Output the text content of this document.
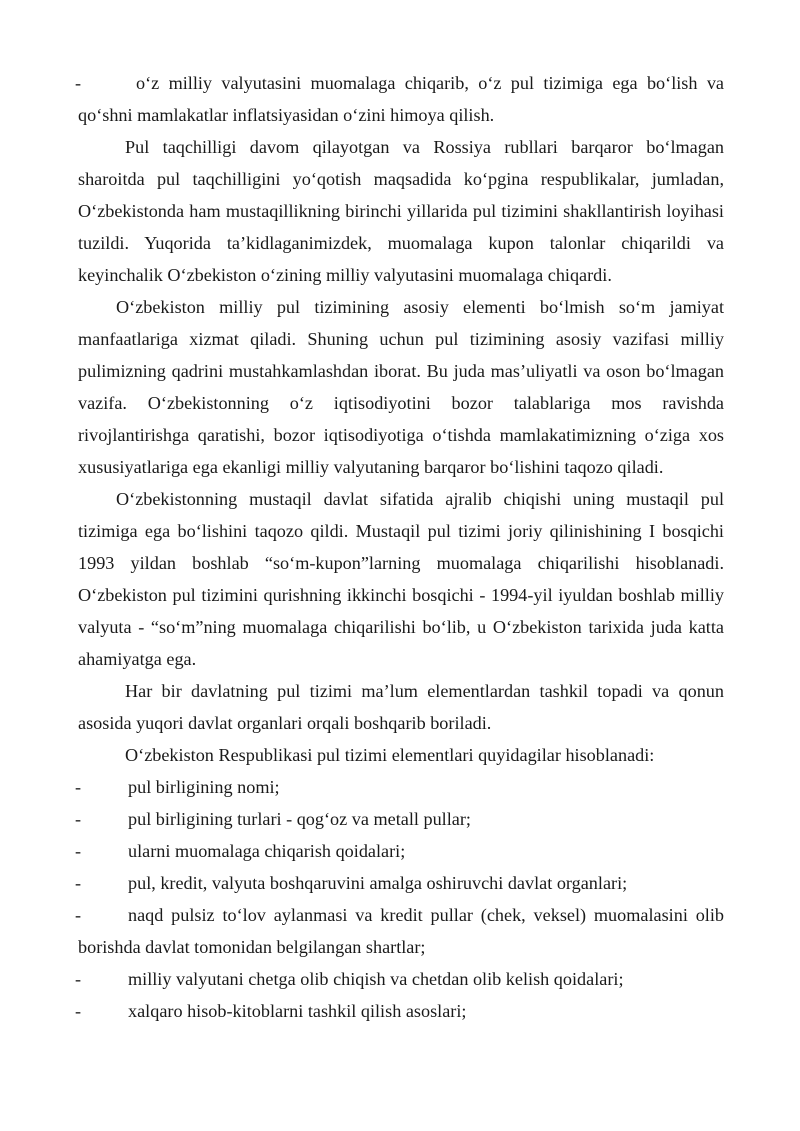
-	o‘z milliy valyutasini muomalaga chiqarib, o‘z pul tizimiga ega bo‘lish va qo‘shni mamlakatlar inflatsiyasidan o‘zini himoya qilish.

Pul taqchilligi davom qilayotgan va Rossiya rubllari barqaror bo‘lmagan sharoitda pul taqchilligini yo‘qotish maqsadida ko‘pgina respublikalar, jumladan, O‘zbekistonda ham mustaqillikning birinchi yillarida pul tizimini shakllantirish loyihasi tuzildi. Yuqorida ta’kidlaganimizdek, muomalaga kupon talonlar chiqarildi va keyinchalik O‘zbekiston o‘zining milliy valyutasini muomalaga chiqardi.

O‘zbekiston milliy pul tizimining asosiy elementi bo‘lmish so‘m jamiyat manfaatlariga xizmat qiladi. Shuning uchun pul tizimining asosiy vazifasi milliy pulimizning qadrini mustahkamlashdan iborat. Bu juda mas’uliyatli va oson bo‘lmagan vazifa. O‘zbekistonning o‘z iqtisodiyotini bozor talablariga mos ravishda rivojlantirishga qaratishi, bozor iqtisodiyotiga o‘tishda mamlakatimizning o‘ziga xos xususiyatlariga ega ekanligi milliy valyutaning barqaror bo‘lishini taqozo qiladi.

O‘zbekistonning mustaqil davlat sifatida ajralib chiqishi uning mustaqil pul tizimiga ega bo‘lishini taqozo qildi. Mustaqil pul tizimi joriy qilinishining I bosqichi 1993 yildan boshlab “so‘m-kupon”larning muomalaga chiqarilishi hisoblanadi. O‘zbekiston pul tizimini qurishning ikkinchi bosqichi - 1994-yil iyuldan boshlab milliy valyuta - “so‘m”ning muomalaga chiqarilishi bo‘lib, u O‘zbekiston tarixida juda katta ahamiyatga ega.

Har bir davlatning pul tizimi ma’lum elementlardan tashkil topadi va qonun asosida yuqori davlat organlari orqali boshqarib boriladi.

O‘zbekiston Respublikasi pul tizimi elementlari quyidagilar hisoblanadi:

-	pul birligining nomi;

-	pul birligining turlari - qog‘oz va metall pullar;

-	ularni muomalaga chiqarish qoidalari;

-	pul, kredit, valyuta boshqaruvini amalga oshiruvchi davlat organlari;

-	naqd pulsiz to‘lov aylanmasi va kredit pullar (chek, veksel) muomalasini olib borishda davlat tomonidan belgilangan shartlar;

-	milliy valyutani chetga olib chiqish va chetdan olib kelish qoidalari;

-	xalqaro hisob-kitoblarni tashkil qilish asoslari;
